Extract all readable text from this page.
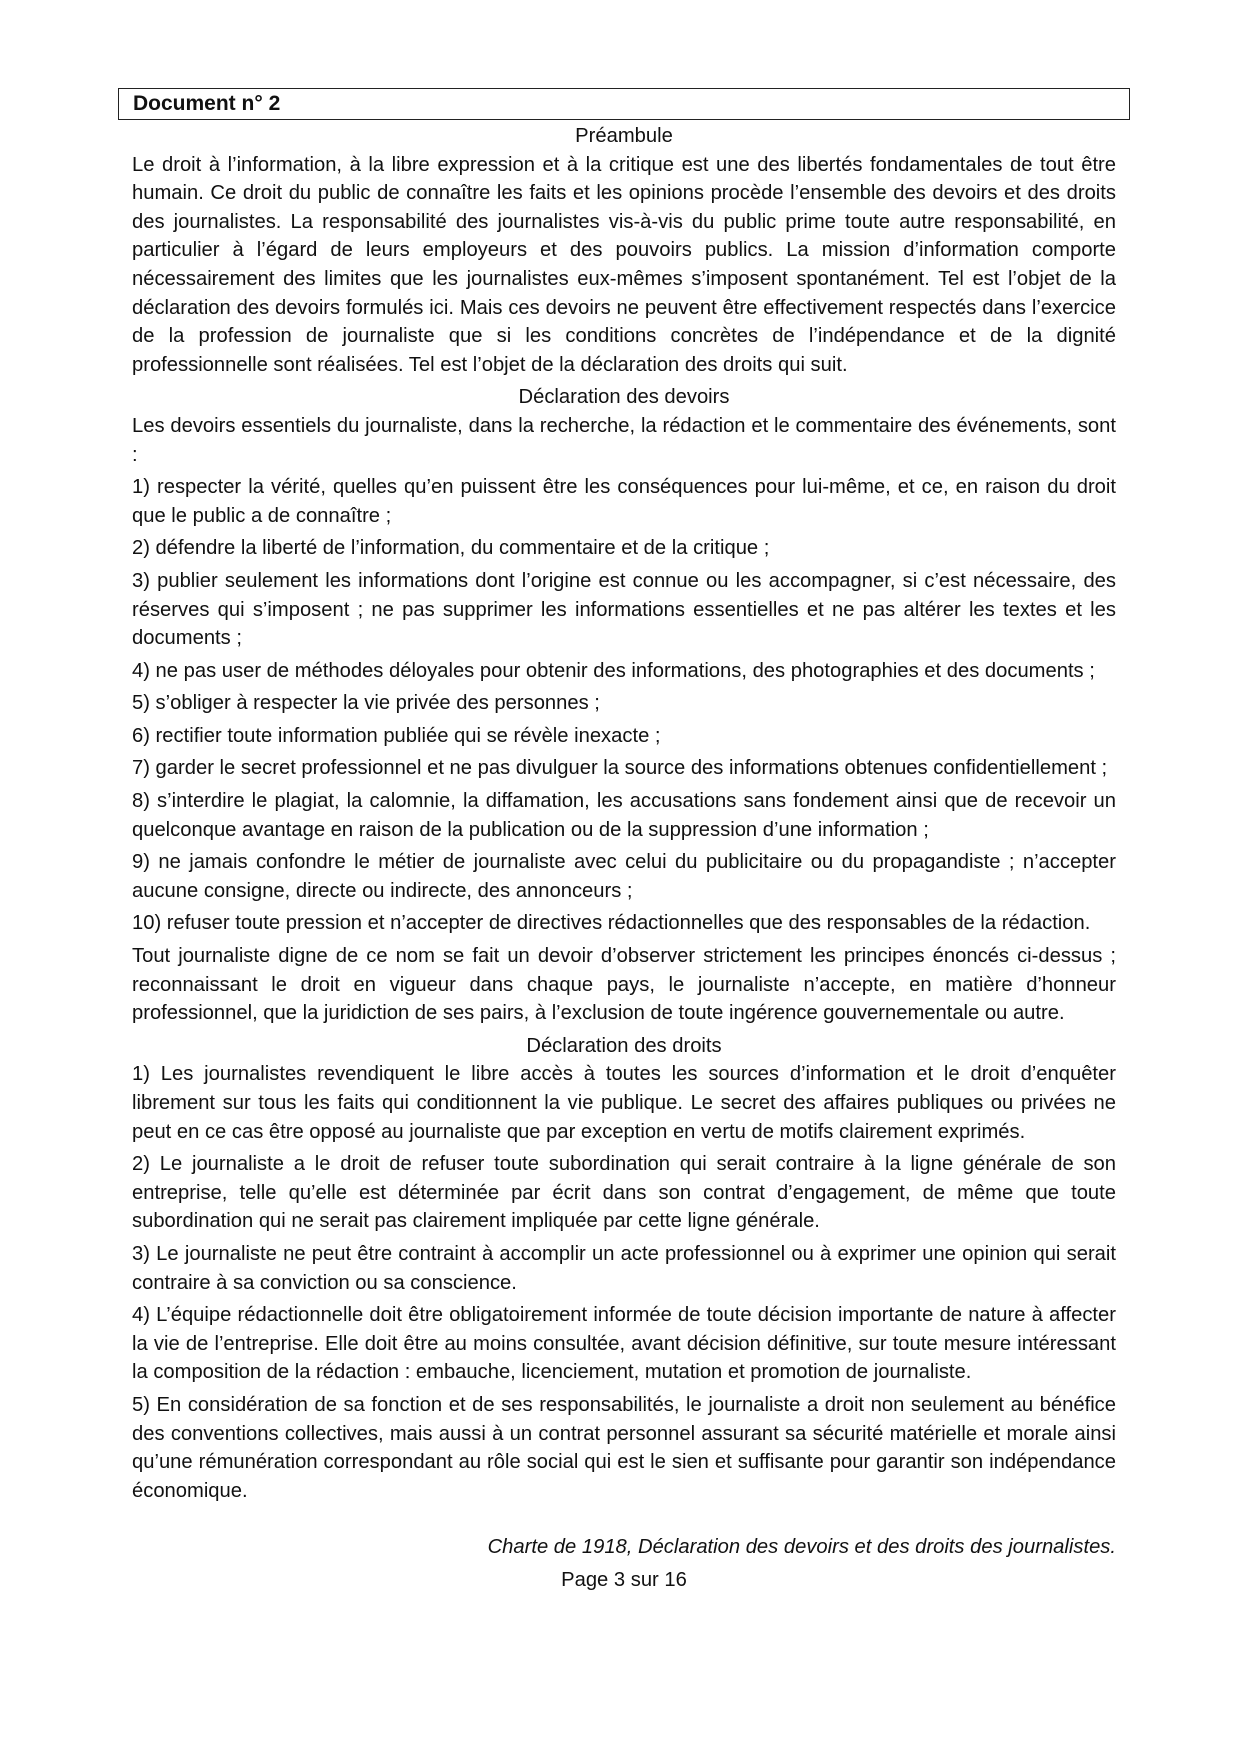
Document n° 2
Préambule

Le droit à l’information, à la libre expression et à la critique est une des libertés fondamentales de tout être humain. Ce droit du public de connaître les faits et les opinions procède l’ensemble des devoirs et des droits des journalistes. La responsabilité des journalistes vis-à-vis du public prime toute autre responsabilité, en particulier à l’égard de leurs employeurs et des pouvoirs publics. La mission d’information comporte nécessairement des limites que les journalistes eux-mêmes s’imposent spontanément. Tel est l’objet de la déclaration des devoirs formulés ici. Mais ces devoirs ne peuvent être effectivement respectés dans l’exercice de la profession de journaliste que si les conditions concrètes de l’indépendance et de la dignité professionnelle sont réalisées. Tel est l’objet de la déclaration des droits qui suit.

Déclaration des devoirs

Les devoirs essentiels du journaliste, dans la recherche, la rédaction et le commentaire des événements, sont :

1) respecter la vérité, quelles qu’en puissent être les conséquences pour lui-même, et ce, en raison du droit que le public a de connaître ;

2) défendre la liberté de l’information, du commentaire et de la critique ;

3) publier seulement les informations dont l’origine est connue ou les accompagner, si c’est nécessaire, des réserves qui s’imposent ; ne pas supprimer les informations essentielles et ne pas altérer les textes et les documents ;

4) ne pas user de méthodes déloyales pour obtenir des informations, des photographies et des documents ;

5) s’obliger à respecter la vie privée des personnes ;

6) rectifier toute information publiée qui se révèle inexacte ;

7) garder le secret professionnel et ne pas divulguer la source des informations obtenues confidentiellement ;

8) s’interdire le plagiat, la calomnie, la diffamation, les accusations sans fondement ainsi que de recevoir un quelconque avantage en raison de la publication ou de la suppression d’une information ;

9) ne jamais confondre le métier de journaliste avec celui du publicitaire ou du propagandiste ; n’accepter aucune consigne, directe ou indirecte, des annonceurs ;

10) refuser toute pression et n’accepter de directives rédactionnelles que des responsables de la rédaction.

Tout journaliste digne de ce nom se fait un devoir d’observer strictement les principes énoncés ci-dessus ; reconnaissant le droit en vigueur dans chaque pays, le journaliste n’accepte, en matière d’honneur professionnel, que la juridiction de ses pairs, à l’exclusion de toute ingérence gouvernementale ou autre.

Déclaration des droits

1) Les journalistes revendiquent le libre accès à toutes les sources d’information et le droit d’enquêter librement sur tous les faits qui conditionnent la vie publique. Le secret des affaires publiques ou privées ne peut en ce cas être opposé au journaliste que par exception en vertu de motifs clairement exprimés.

2) Le journaliste a le droit de refuser toute subordination qui serait contraire à la ligne générale de son entreprise, telle qu’elle est déterminée par écrit dans son contrat d’engagement, de même que toute subordination qui ne serait pas clairement impliquée par cette ligne générale.

3) Le journaliste ne peut être contraint à accomplir un acte professionnel ou à exprimer une opinion qui serait contraire à sa conviction ou sa conscience.

4) L’équipe rédactionnelle doit être obligatoirement informée de toute décision importante de nature à affecter la vie de l’entreprise. Elle doit être au moins consultée, avant décision définitive, sur toute mesure intéressant la composition de la rédaction : embauche, licenciement, mutation et promotion de journaliste.

5) En considération de sa fonction et de ses responsabilités, le journaliste a droit non seulement au bénéfice des conventions collectives, mais aussi à un contrat personnel assurant sa sécurité matérielle et morale ainsi qu’une rémunération correspondant au rôle social qui est le sien et suffisante pour garantir son indépendance économique.

Charte de 1918, Déclaration des devoirs et des droits des journalistes.
Page 3 sur 16
